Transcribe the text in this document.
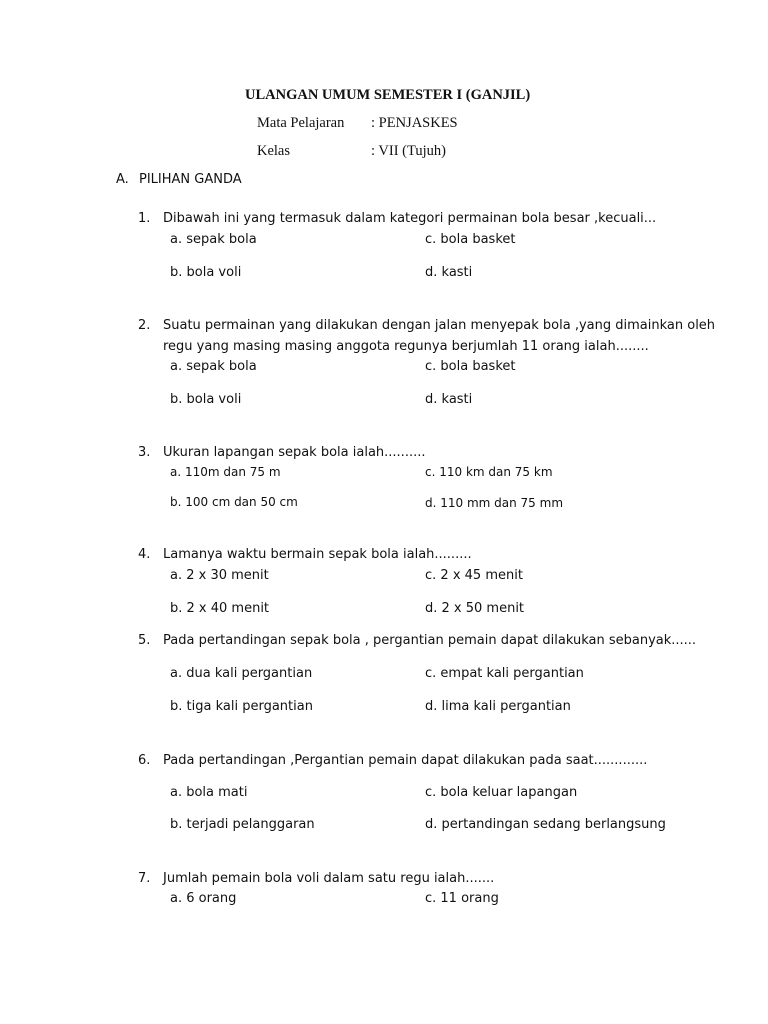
ULANGAN UMUM SEMESTER I (GANJIL)
Mata Pelajaran : PENJASKES
Kelas	: VII (Tujuh)
A. PILIHAN GANDA
1. Dibawah ini yang termasuk dalam kategori permainan bola besar ,kecuali...
a. sepak bola	c. bola basket
b. bola voli	d. kasti
2. Suatu permainan yang dilakukan dengan jalan menyepak bola ,yang dimainkan oleh
regu yang masing masing anggota regunya berjumlah 11 orang ialah........
a. sepak bola	c. bola basket
b. bola voli	d. kasti
3. Ukuran lapangan sepak bola ialah..........
a. 110m dan 75 m	c. 110 km dan 75 km
b. 100 cm dan 50 cm	d. 110 mm dan 75 mm
4. Lamanya waktu bermain sepak bola ialah.........
a. 2 x 30 menit	c. 2 x 45 menit
b. 2 x 40 menit	d. 2 x 50 menit
5. Pada pertandingan sepak bola , pergantian pemain dapat dilakukan sebanyak......
a. dua kali pergantian	c. empat kali pergantian
b. tiga kali pergantian	d. lima kali pergantian
6. Pada pertandingan ,Pergantian pemain dapat dilakukan pada saat.............
a. bola mati	c. bola keluar lapangan
b. terjadi pelanggaran	d. pertandingan sedang berlangsung
7. Jumlah pemain bola voli dalam satu regu ialah.......
a. 6 orang	c. 11 orang
